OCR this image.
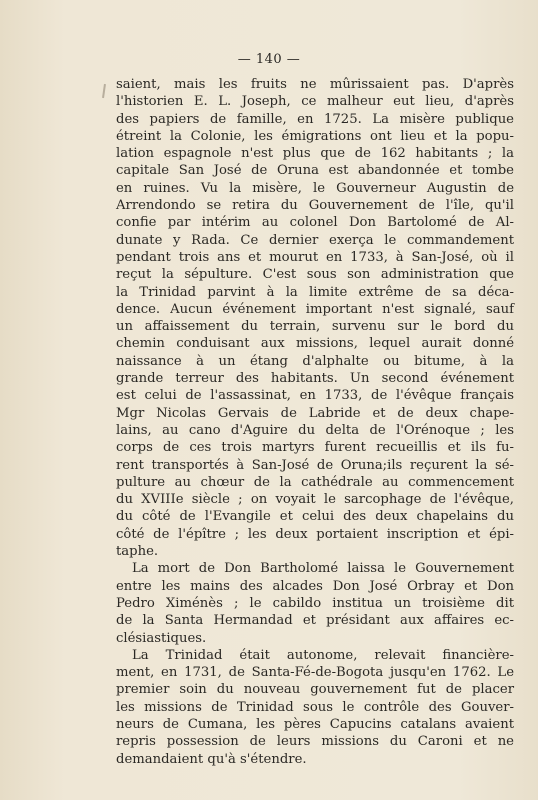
— 140 —
saient, mais les fruits ne mûrissaient pas. D'après
l'historien E. L. Joseph, ce malheur eut lieu, d'après
des papiers de famille, en 1725. La misère publique
étreint la Colonie, les émigrations ont lieu et la popu-
lation espagnole n'est plus que de 162 habitants ; la
capitale San José de Oruna est abandonnée et tombe
en ruines. Vu la misère, le Gouverneur Augustin de
Arrendondo se retira du Gouvernement de l'île, qu'il
confie par intérim au colonel Don Bartolomé de Al-
dunate y Rada. Ce dernier exerça le commandement
pendant trois ans et mourut en 1733, à San-José, où il
reçut la sépulture. C'est sous son administration que
la Trinidad parvint à la limite extrême de sa déca-
dence. Aucun événement important n'est signalé, sauf
un affaissement du terrain, survenu sur le bord du
chemin conduisant aux missions, lequel aurait donné
naissance à un étang d'alphalte ou bitume, à la
grande terreur des habitants. Un second événement
est celui de l'assassinat, en 1733, de l'évêque français
Mgr Nicolas Gervais de Labride et de deux chape-
lains, au cano d'Aguire du delta de l'Orénoque ; les
corps de ces trois martyrs furent recueillis et ils fu-
rent transportés à San-José de Oruna;ils reçurent la sé-
pulture au chœur de la cathédrale au commencement
du XVIIIe siècle ; on voyait le sarcophage de l'évêque,
du côté de l'Evangile et celui des deux chapelains du
côté de l'épître ; les deux portaient inscription et épi-
taphe.
La mort de Don Bartholomé laissa le Gouvernement
entre les mains des alcades Don José Orbray et Don
Pedro Ximénès ; le cabildo institua un troisième dit
de la Santa Hermandad et présidant aux affaires ec-
clésiastiques.
La Trinidad était autonome, relevait financière-
ment, en 1731, de Santa-Fé-de-Bogota jusqu'en 1762. Le
premier soin du nouveau gouvernement fut de placer
les missions de Trinidad sous le contrôle des Gouver-
neurs de Cumana, les pères Capucins catalans avaient
repris possession de leurs missions du Caroni et ne
demandaient qu'à s'étendre.
